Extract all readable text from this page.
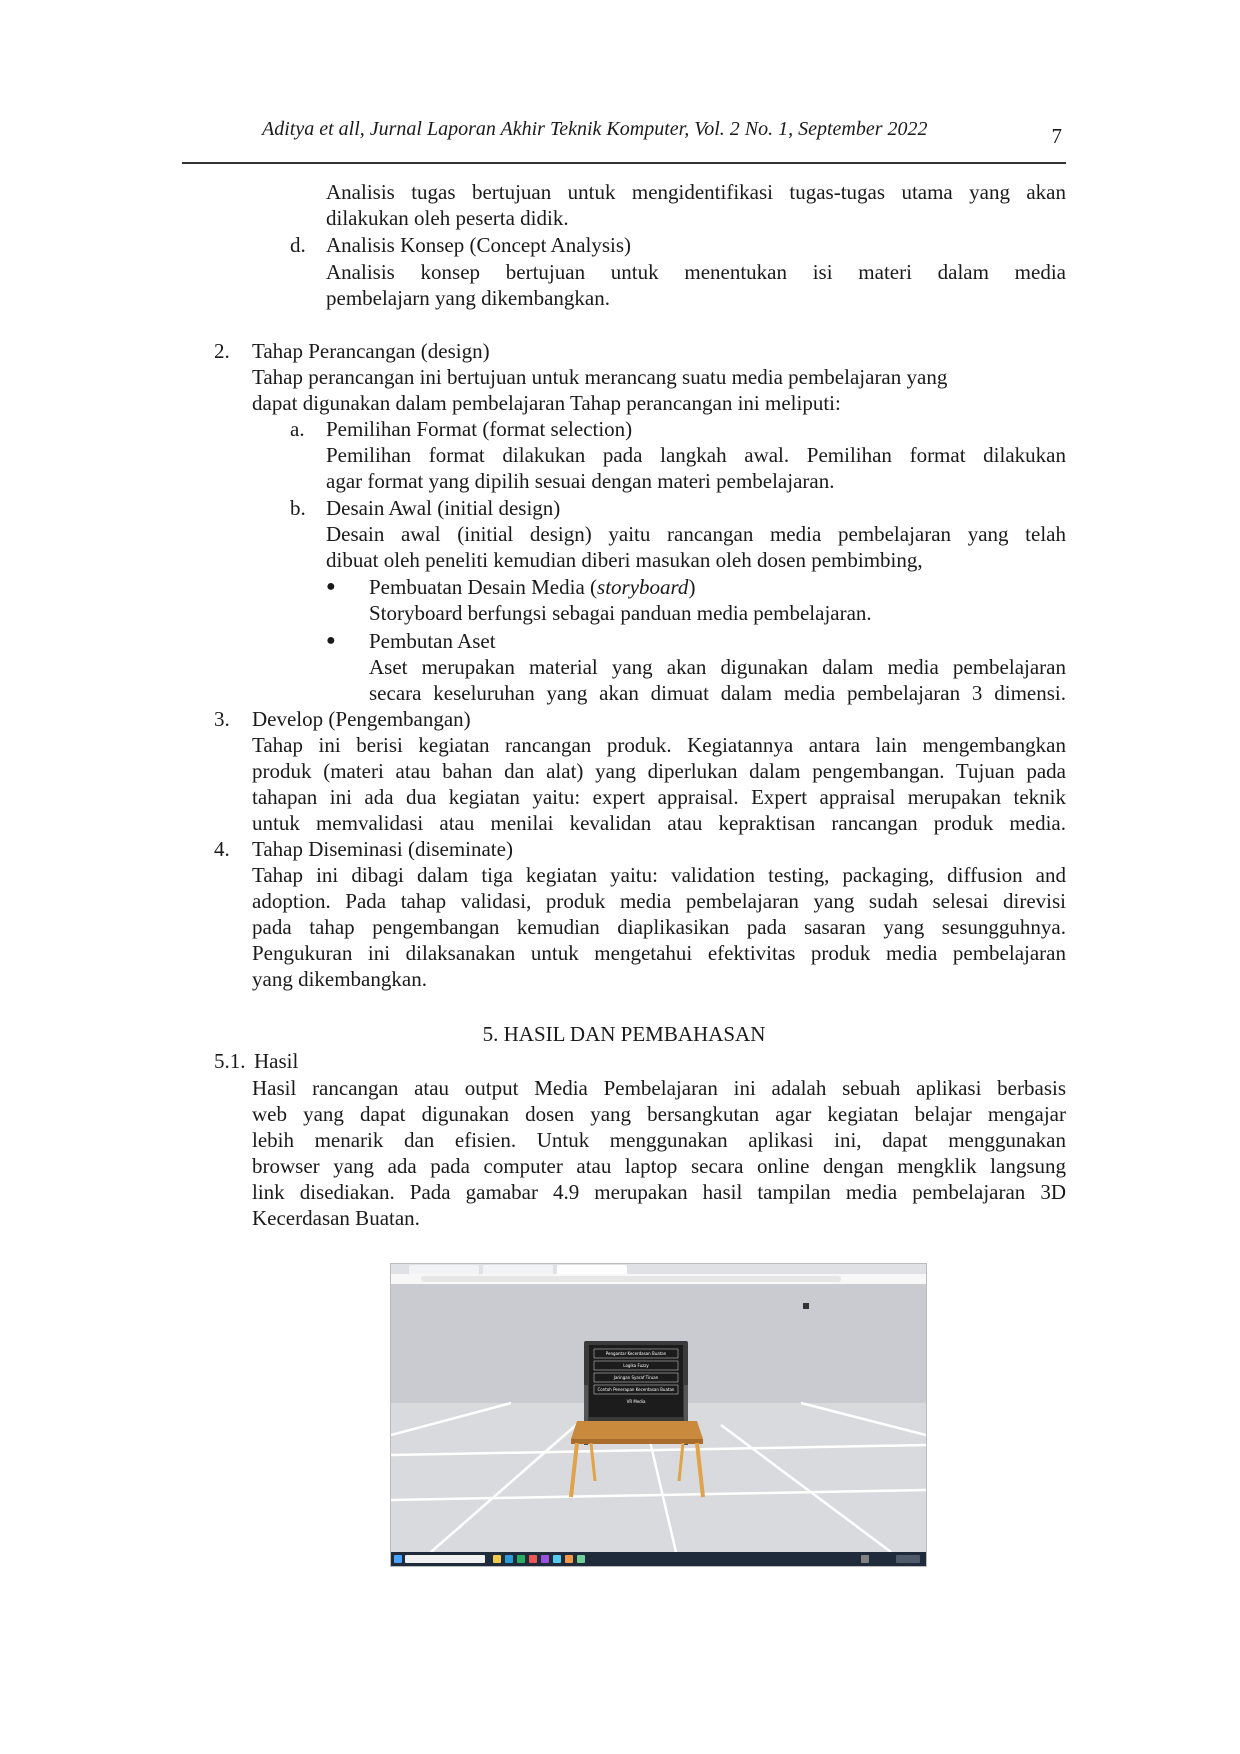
Aditya et all, Jurnal Laporan Akhir Teknik Komputer, Vol. 2 No. 1, September 2022	7

Analisis tugas bertujuan untuk mengidentifikasi tugas-tugas utama yang akan

dilakukan oleh peserta didik.

d. Analisis Konsep (Concept Analysis)

Analisis konsep bertujuan untuk menentukan isi materi dalam media

pembelajarn yang dikembangkan.

2. Tahap Perancangan (design)

Tahap perancangan ini bertujuan untuk merancang suatu media pembelajaran yang

dapat digunakan dalam pembelajaran Tahap perancangan ini meliputi:

a. Pemilihan Format (format selection)

Pemilihan format dilakukan pada langkah awal. Pemilihan format dilakukan

agar format yang dipilih sesuai dengan materi pembelajaran.

b. Desain Awal (initial design)

Desain awal (initial design) yaitu rancangan media pembelajaran yang telah

dibuat oleh peneliti kemudian diberi masukan oleh dosen pembimbing,

● Pembuatan Desain Media (storyboard)

Storyboard berfungsi sebagai panduan media pembelajaran.

● Pembutan Aset

Aset merupakan material yang akan digunakan dalam media pembelajaran

secara keseluruhan yang akan dimuat dalam media pembelajaran 3 dimensi.

3. Develop (Pengembangan)

Tahap ini berisi kegiatan rancangan produk. Kegiatannya antara lain mengembangkan

produk (materi atau bahan dan alat) yang diperlukan dalam pengembangan. Tujuan pada

tahapan ini ada dua kegiatan yaitu: expert appraisal. Expert appraisal merupakan teknik

untuk memvalidasi atau menilai kevalidan atau kepraktisan rancangan produk media.

4. Tahap Diseminasi (diseminate)

Tahap ini dibagi dalam tiga kegiatan yaitu: validation testing, packaging, diffusion and

adoption. Pada tahap validasi, produk media pembelajaran yang sudah selesai direvisi

pada tahap pengembangan kemudian diaplikasikan pada sasaran yang sesungguhnya.

Pengukuran ini dilaksanakan untuk mengetahui efektivitas produk media pembelajaran

yang dikembangkan.

5. HASIL DAN PEMBAHASAN
5.1. Hasil

Hasil rancangan atau output Media Pembelajaran ini adalah sebuah aplikasi berbasis

web yang dapat digunakan dosen yang bersangkutan agar kegiatan belajar mengajar

lebih menarik dan efisien. Untuk menggunakan aplikasi ini, dapat menggunakan

browser yang ada pada computer atau laptop secara online dengan mengklik langsung

link disediakan. Pada gamabar 4.9 merupakan hasil tampilan media pembelajaran 3D

Kecerdasan Buatan.

Pengantar Kecerdasan Buatan
Logika Fuzzy
Jaringan Syaraf Tiruan
Contoh Penerapan Kecerdasan Buatan
VR Media
